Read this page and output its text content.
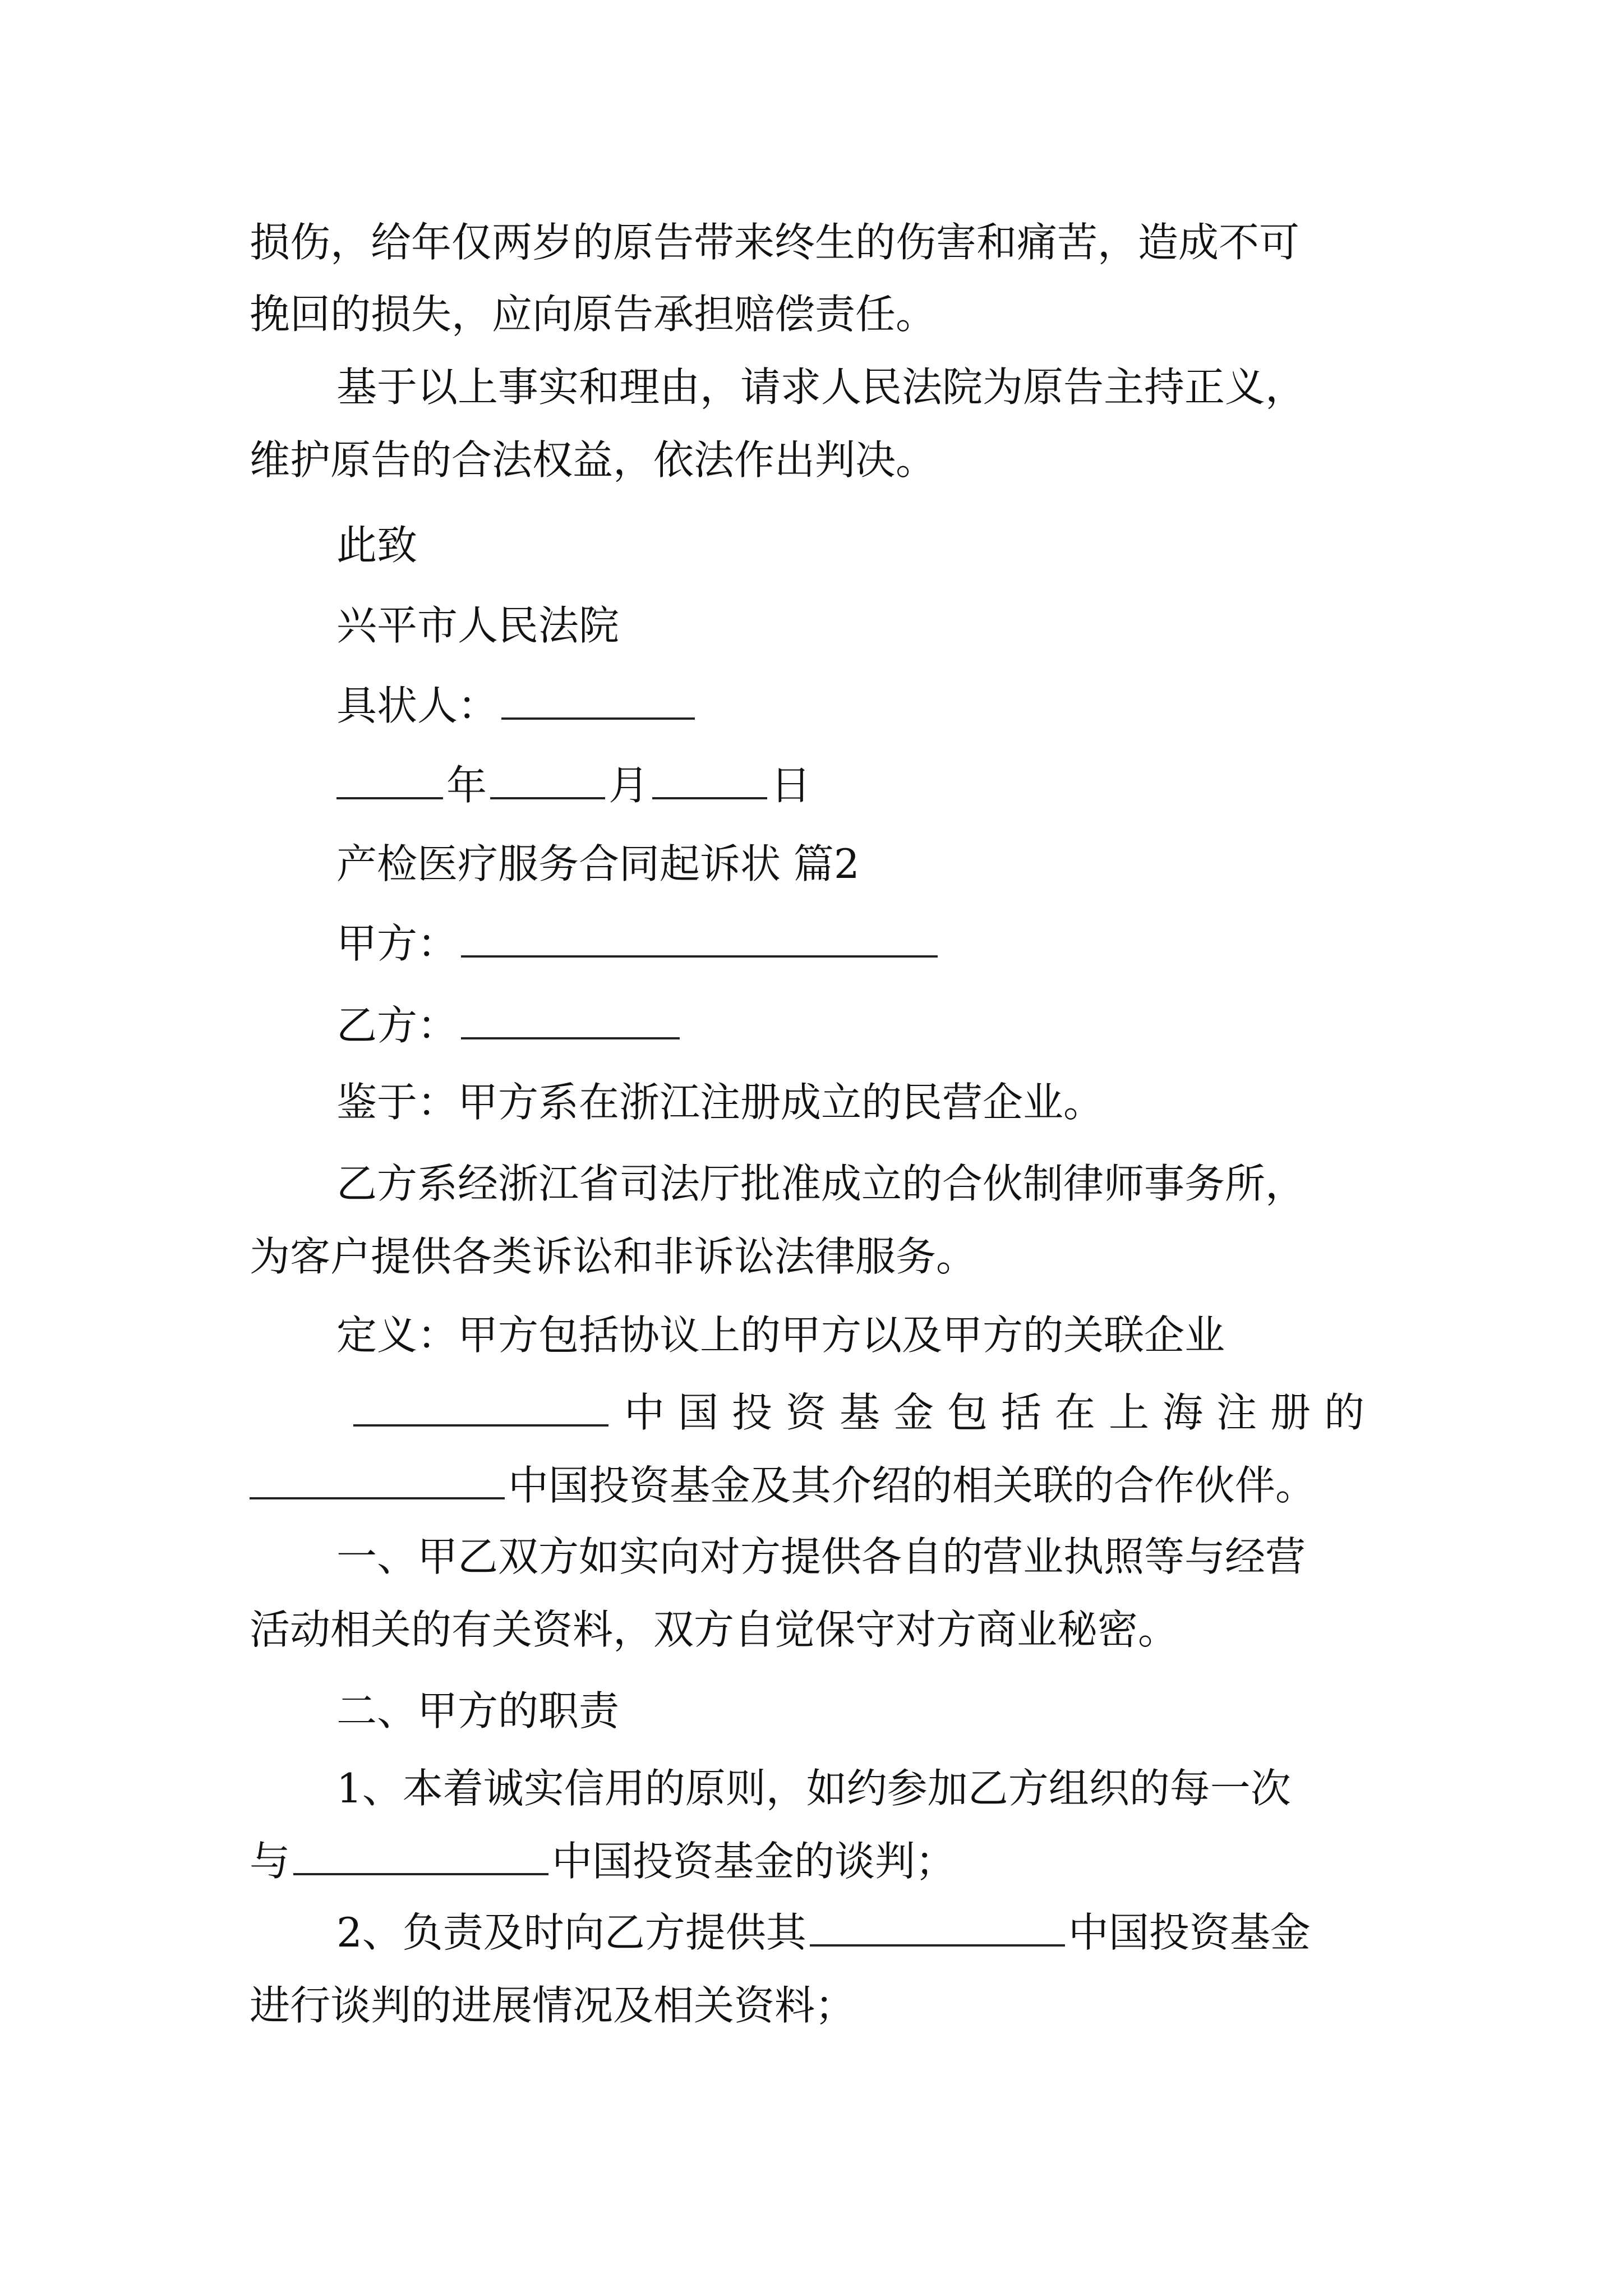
损伤，给年仅两岁的原告带来终生的伤害和痛苦，造成不可
挽回的损失，应向原告承担赔偿责任。
基于以上事实和理由，请求人民法院为原告主持正义，
维护原告的合法权益，依法作出判决。
此致
兴平市人民法院
具状人：
年	月	日
产检医疗服务合同起诉状 篇2
甲方：
乙方：
鉴于：甲方系在浙江注册成立的民营企业。
乙方系经浙江省司法厅批准成立的合伙制律师事务所，
为客户提供各类诉讼和非诉讼法律服务。
定义：甲方包括协议上的甲方以及甲方的关联企业
中国投资基金包括在上海注册的
中国投资基金及其介绍的相关联的合作伙伴。
一、甲乙双方如实向对方提供各自的营业执照等与经营
活动相关的有关资料，双方自觉保守对方商业秘密。
二、甲方的职责
1、本着诚实信用的原则，如约参加乙方组织的每一次
与	中国投资基金的谈判；
2、负责及时向乙方提供其	中国投资基金
进行谈判的进展情况及相关资料；
